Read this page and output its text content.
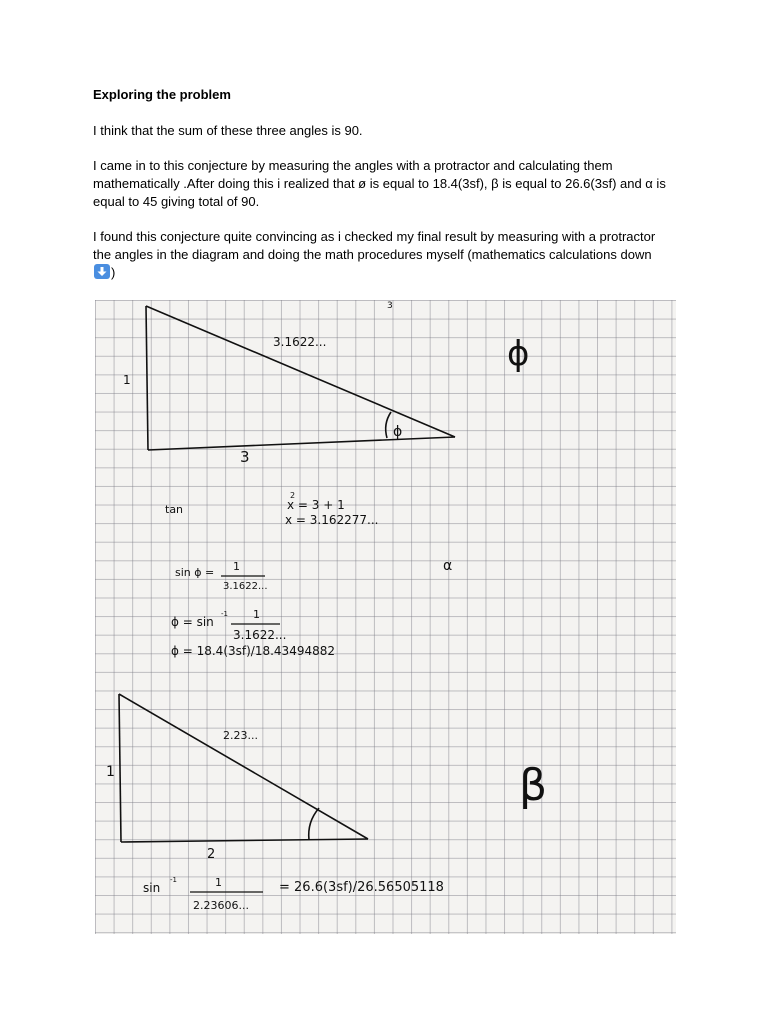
Exploring the problem

I think that the sum of these three angles is 90.

I came in to this conjecture by measuring the angles with a protractor and calculating them mathematically .After doing this i realized that ø is equal to 18.4(3sf), β is equal to 26.6(3sf) and α is equal to 45 giving total of 90.

I found this conjecture quite convincing as i checked my final result by measuring with a protractor the angles in the diagram and doing the math procedures myself (mathematics calculations down
)

3.1622...
1
3
ϕ
ϕ
3
tan
2
x = 3 + 1
x = 3.162277...
sin ϕ = 1
3.1622...
α
ϕ = sin
-1 1
3.1622...
ϕ = 18.4(3sf)/18.43494882
2.23...
1
2
β
sin
-1	1
2.23606...
= 26.6(3sf)/26.56505118
